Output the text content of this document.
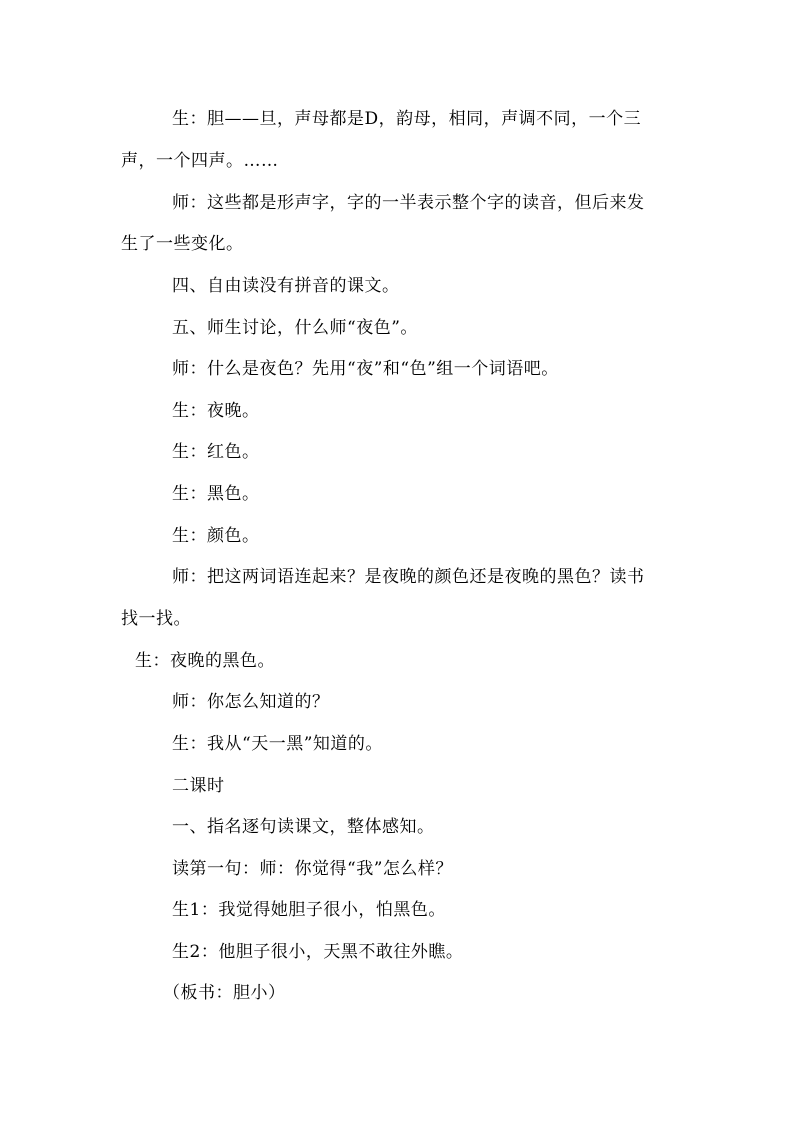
生：胆——旦，声母都是D，韵母，相同，声调不同，一个三
声，一个四声。……
师：这些都是形声字，字的一半表示整个字的读音，但后来发
生了一些变化。
四、自由读没有拼音的课文。
五、师生讨论，什么师“夜色”。
师：什么是夜色？先用“夜”和“色”组一个词语吧。
生：夜晚。
生：红色。
生：黑色。
生：颜色。
师：把这两词语连起来？是夜晚的颜色还是夜晚的黑色？读书
找一找。
生：夜晚的黑色。
师：你怎么知道的？
生：我从“天一黑”知道的。
二课时
一、指名逐句读课文，整体感知。
读第一句：师：你觉得“我”怎么样？
生1：我觉得她胆子很小，怕黑色。
生2：他胆子很小，天黑不敢往外瞧。
（板书：胆小）
